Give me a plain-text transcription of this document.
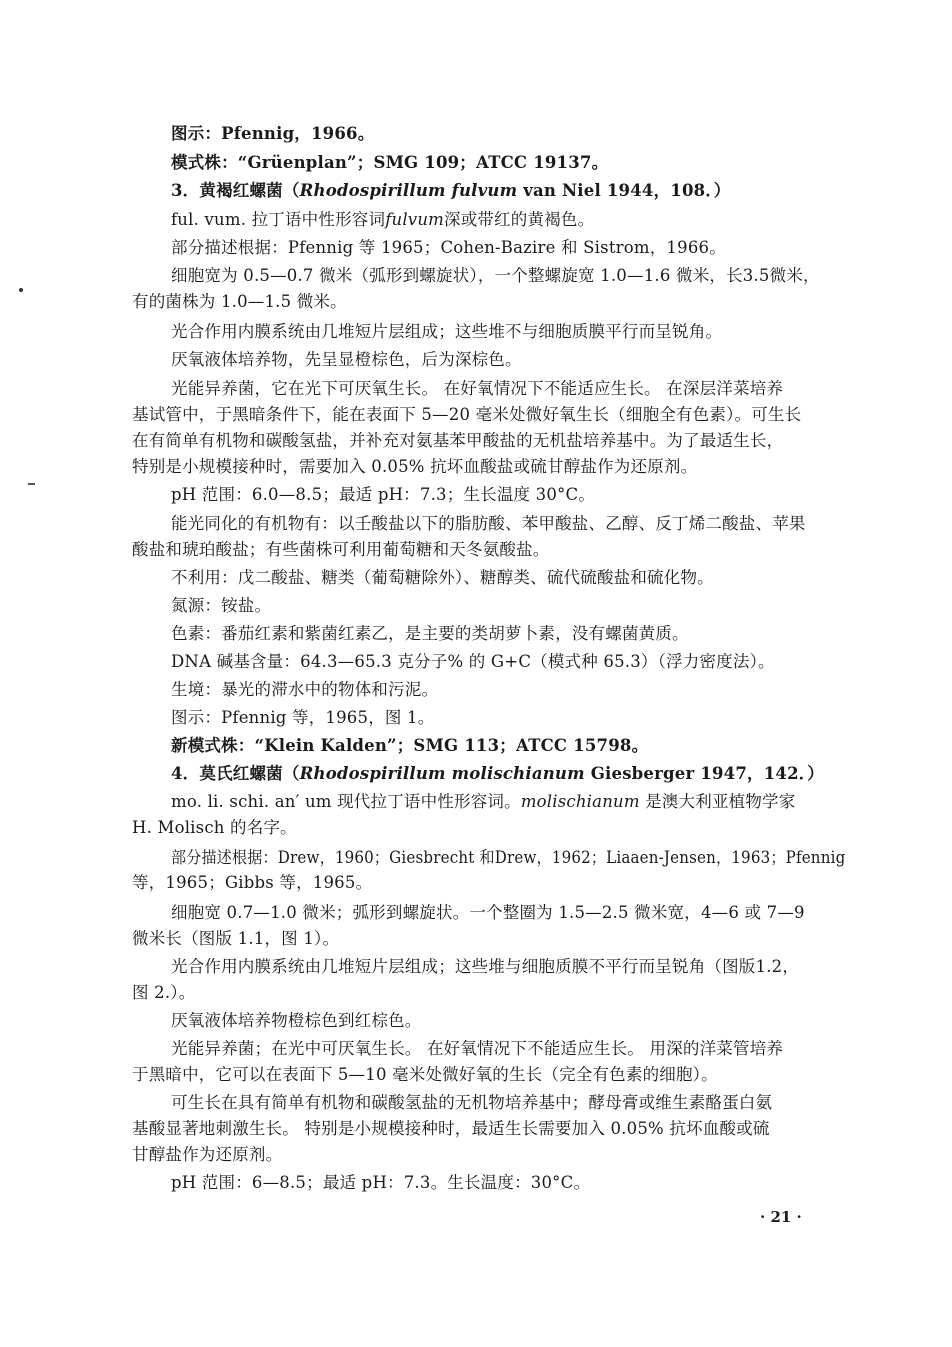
图示：Pfennig，1966。
模式株：“Grüenplan”；SMG 109；ATCC 19137。
3．黄褐红螺菌（Rhodospirillum fulvum van Niel 1944，108．）
ful. vum. 拉丁语中性形容词fulvum深或带红的黄褐色。
部分描述根据：Pfennig 等 1965；Cohen-Bazire 和 Sistrom，1966。
细胞宽为 0.5—0.7 微米（弧形到螺旋状），一个整螺旋宽 1.0—1.6 微米，长3.5微米，
有的菌株为 1.0—1.5 微米。
光合作用内膜系统由几堆短片层组成；这些堆不与细胞质膜平行而呈锐角。
厌氧液体培养物，先呈显橙棕色，后为深棕色。
光能异养菌，它在光下可厌氧生长。 在好氧情况下不能适应生长。 在深层洋菜培养
基试管中，于黑暗条件下，能在表面下 5—20 毫米处微好氧生长（细胞全有色素）。可生长
在有简单有机物和碳酸氢盐，并补充对氨基苯甲酸盐的无机盐培养基中。为了最适生长，
特别是小规模接种时，需要加入 0.05% 抗坏血酸盐或硫甘醇盐作为还原剂。
pH 范围：6.0—8.5；最适 pH：7.3；生长温度 30°C。
能光同化的有机物有：以壬酸盐以下的脂肪酸、苯甲酸盐、乙醇、反丁烯二酸盐、苹果
酸盐和琥珀酸盐；有些菌株可利用葡萄糖和天冬氨酸盐。
不利用：戊二酸盐、糖类（葡萄糖除外）、糖醇类、硫代硫酸盐和硫化物。
氮源：铵盐。
色素：番茄红素和紫菌红素乙，是主要的类胡萝卜素，没有螺菌黄质。
DNA 碱基含量：64.3—65.3 克分子% 的 G+C（模式种 65.3）（浮力密度法）。
生境：暴光的滞水中的物体和污泥。
图示：Pfennig 等，1965，图 1。
新模式株：“Klein Kalden”；SMG 113；ATCC 15798。
4．莫氏红螺菌（Rhodospirillum molischianum Giesberger 1947，142．）
mo. li. schi. an′ um 现代拉丁语中性形容词。molischianum 是澳大利亚植物学家
H. Molisch 的名字。
部分描述根据：Drew，1960；Giesbrecht 和Drew，1962；Liaaen-Jensen，1963；Pfennig
等，1965；Gibbs 等，1965。
细胞宽 0.7—1.0 微米；弧形到螺旋状。一个整圈为 1.5—2.5 微米宽，4—6 或 7—9
微米长（图版 1.1，图 1）。
光合作用内膜系统由几堆短片层组成；这些堆与细胞质膜不平行而呈锐角（图版1.2，
图 2.）。
厌氧液体培养物橙棕色到红棕色。
光能异养菌；在光中可厌氧生长。 在好氧情况下不能适应生长。 用深的洋菜管培养
于黑暗中，它可以在表面下 5—10 毫米处微好氧的生长（完全有色素的细胞）。
可生长在具有简单有机物和碳酸氢盐的无机物培养基中；酵母膏或维生素酪蛋白氨
基酸显著地刺激生长。 特别是小规模接种时，最适生长需要加入 0.05% 抗坏血酸或硫
甘醇盐作为还原剂。
pH 范围：6—8.5；最适 pH：7.3。生长温度：30°C。
· 21 ·
